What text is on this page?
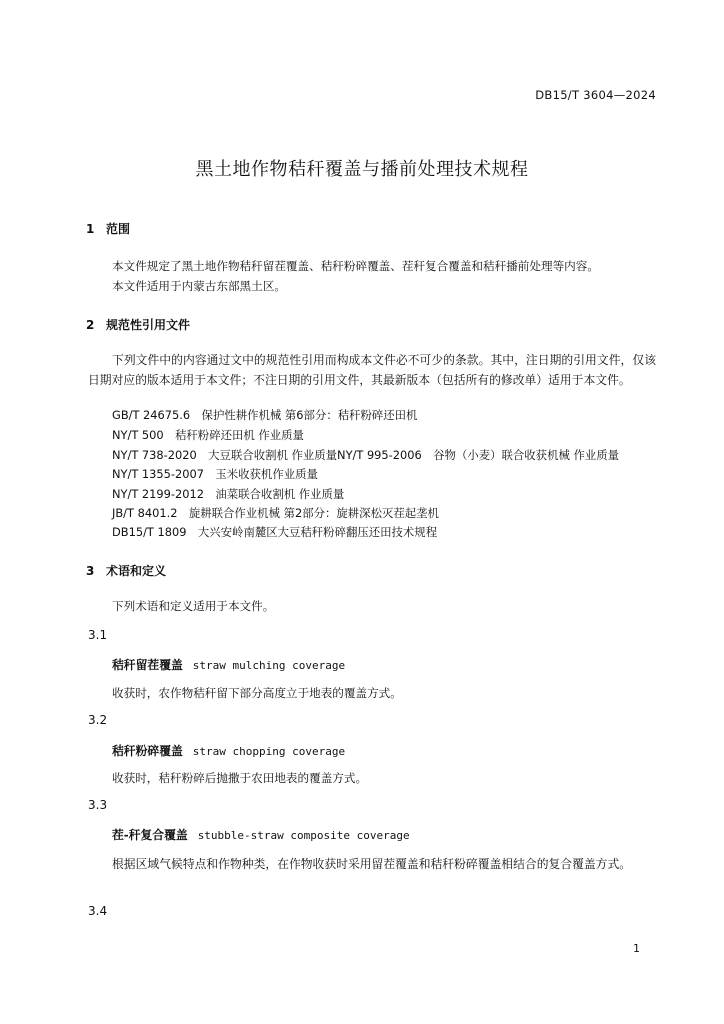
DB15/T 3604—2024
黑土地作物秸秆覆盖与播前处理技术规程
1 范围
本文件规定了黑土地作物秸秆留茬覆盖、秸秆粉碎覆盖、茬秆复合覆盖和秸秆播前处理等内容。
本文件适用于内蒙古东部黑土区。
2 规范性引用文件
下列文件中的内容通过文中的规范性引用而构成本文件必不可少的条款。其中，注日期的引用文件，仅该日期对应的版本适用于本文件；不注日期的引用文件，其最新版本（包括所有的修改单）适用于本文件。
GB/T 24675.6　保护性耕作机械 第6部分：秸秆粉碎还田机
NY/T 500　秸秆粉碎还田机 作业质量
NY/T 738-2020　大豆联合收割机 作业质量NY/T 995-2006　谷物（小麦）联合收获机械 作业质量
NY/T 1355-2007　玉米收获机作业质量
NY/T 2199-2012　油菜联合收割机 作业质量
JB/T 8401.2　旋耕联合作业机械 第2部分：旋耕深松灭茬起垄机
DB15/T 1809　大兴安岭南麓区大豆秸秆粉碎翻压还田技术规程
3 术语和定义
下列术语和定义适用于本文件。
3.1
秸秆留茬覆盖 straw mulching coverage
收获时，农作物秸秆留下部分高度立于地表的覆盖方式。
3.2
秸秆粉碎覆盖 straw chopping coverage
收获时，秸秆粉碎后抛撒于农田地表的覆盖方式。
3.3
茬-秆复合覆盖 stubble-straw composite coverage
根据区域气候特点和作物种类，在作物收获时采用留茬覆盖和秸秆粉碎覆盖相结合的复合覆盖方式。
3.4
1
